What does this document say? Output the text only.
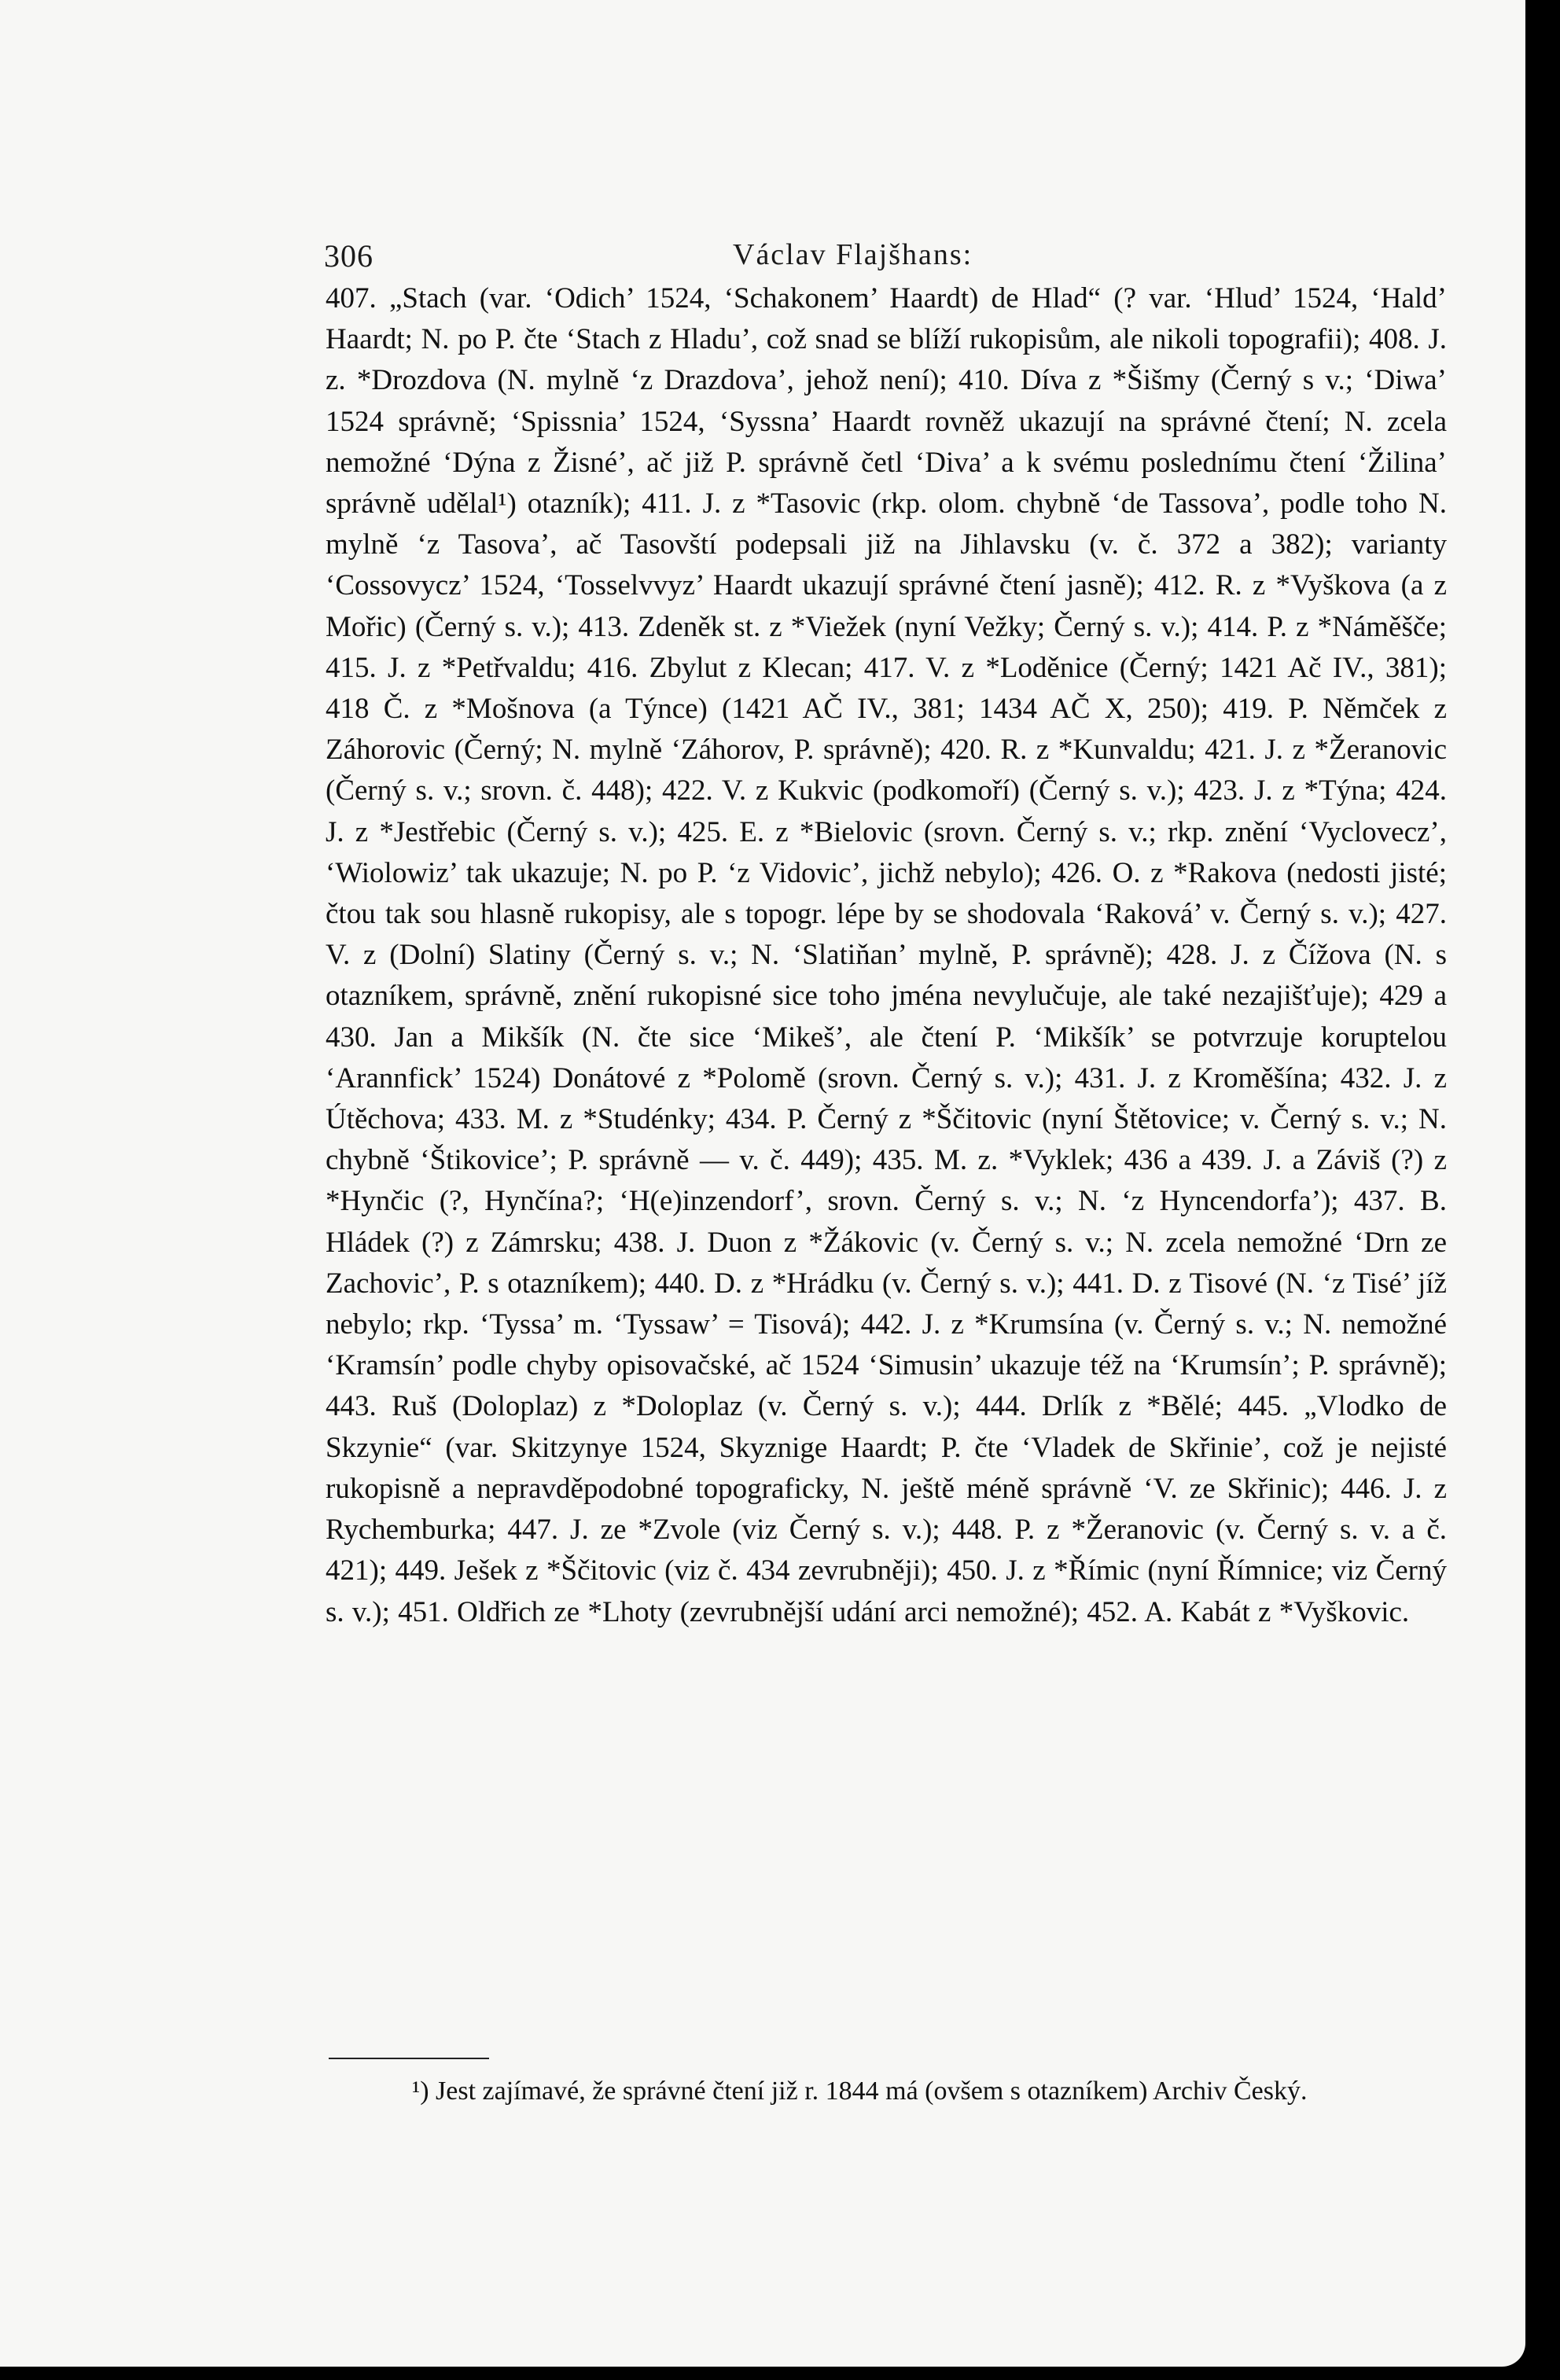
306	Václav Flajšhans:

407. „Stach (var. ‘Odich’ 1524, ‘Schakonem’ Haardt) de Hlad“ (? var. ‘Hlud’ 1524, ‘Hald’ Haardt; N. po P. čte ‘Stach z Hladu’, což snad se blíží rukopisům, ale nikoli topografii); 408. J. z. *Drozdova (N. mylně ‘z Drazdova’, jehož není); 410. Díva z *Šišmy (Černý s v.; ‘Diwa’ 1524 správně; ‘Spissnia’ 1524, ‘Syssna’ Haardt rovněž ukazují na správné čtení; N. zcela nemožné ‘Dýna z Žisné’, ač již P. správně četl ‘Diva’ a k svému poslednímu čtení ‘Žilina’ správně udělal¹) otazník); 411. J. z *Tasovic (rkp. olom. chybně ‘de Tassova’, podle toho N. mylně ‘z Tasova’, ač Tasovští podepsali již na Jihlavsku (v. č. 372 a 382); varianty ‘Cossovycz’ 1524, ‘Tosselvvyz’ Haardt ukazují správné čtení jasně); 412. R. z *Vyškova (a z Mořic) (Černý s. v.); 413. Zdeněk st. z *Viežek (nyní Vežky; Černý s. v.); 414. P. z *Náměšče; 415. J. z *Petřvaldu; 416. Zbylut z Klecan; 417. V. z *Loděnice (Černý; 1421 Ač IV., 381); 418 Č. z *Mošnova (a Týnce) (1421 AČ IV., 381; 1434 AČ X, 250); 419. P. Němček z Záhorovic (Černý; N. mylně ‘Záhorov, P. správně); 420. R. z *Kunvaldu; 421. J. z *Žeranovic (Černý s. v.; srovn. č. 448); 422. V. z Kukvic (podkomoří) (Černý s. v.); 423. J. z *Týna; 424. J. z *Jestřebic (Černý s. v.); 425. E. z *Bielovic (srovn. Černý s. v.; rkp. znění ‘Vyclovecz’, ‘Wiolowiz’ tak ukazuje; N. po P. ‘z Vidovic’, jichž nebylo); 426. O. z *Rakova (nedosti jisté; čtou tak sou hlasně rukopisy, ale s topogr. lépe by se shodovala ‘Raková’ v. Černý s. v.); 427. V. z (Dolní) Slatiny (Černý s. v.; N. ‘Slatiňan’ mylně, P. správně); 428. J. z Čížova (N. s otazníkem, správně, znění rukopisné sice toho jména nevylučuje, ale také nezajišťuje); 429 a 430. Jan a Mikšík (N. čte sice ‘Mikeš’, ale čtení P. ‘Mikšík’ se potvrzuje koruptelou ‘Arannfick’ 1524) Donátové z *Polomě (srovn. Černý s. v.); 431. J. z Kroměšína; 432. J. z Útěchova; 433. M. z *Studénky; 434. P. Černý z *Ščitovic (nyní Štětovice; v. Černý s. v.; N. chybně ‘Štikovice’; P. správně — v. č. 449); 435. M. z. *Vyklek; 436 a 439. J. a Záviš (?) z *Hynčic (?, Hynčína?; ‘H(e)inzendorf’, srovn. Černý s. v.; N. ‘z Hyncendorfa’); 437. B. Hládek (?) z Zámrsku; 438. J. Duon z *Žákovic (v. Černý s. v.; N. zcela nemožné ‘Drn ze Zachovic’, P. s otazníkem); 440. D. z *Hrádku (v. Černý s. v.); 441. D. z Tisové (N. ‘z Tisé’ jíž nebylo; rkp. ‘Tyssa’ m. ‘Tyssaw’ = Tisová); 442. J. z *Krumsína (v. Černý s. v.; N. nemožné ‘Kramsín’ podle chyby opisovačské, ač 1524 ‘Simusin’ ukazuje též na ‘Krumsín’; P. správně); 443. Ruš (Doloplaz) z *Doloplaz (v. Černý s. v.); 444. Drlík z *Bělé; 445. „Vlodko de Skzynie“ (var. Skitzynye 1524, Skyznige Haardt; P. čte ‘Vladek de Skřinie’, což je nejisté rukopisně a nepravděpodobné topograficky, N. ještě méně správně ‘V. ze Skřinic); 446. J. z Rychemburka; 447. J. ze *Zvole (viz Černý s. v.); 448. P. z *Žeranovic (v. Černý s. v. a č. 421); 449. Ješek z *Ščitovic (viz č. 434 zevrubněji); 450. J. z *Římic (nyní Římnice; viz Černý s. v.); 451. Oldřich ze *Lhoty (zevrubnější udání arci nemožné); 452. A. Kabát z *Vyškovic.

¹) Jest zajímavé, že správné čtení již r. 1844 má (ovšem s otazníkem) Archiv Český.
